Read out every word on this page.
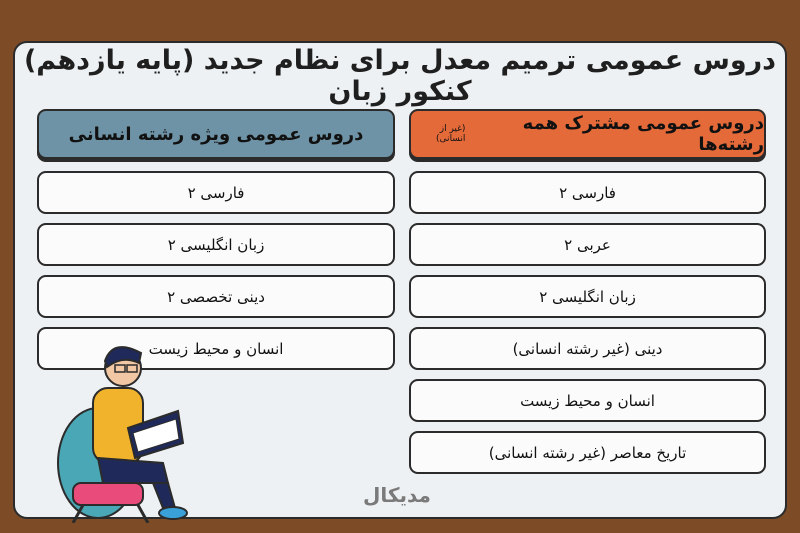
دروس عمومی ترمیم معدل برای نظام جدید (پایه یازدهم) کنکور زبان
دروس عمومی ویژه رشته انسانی	دروس عمومی مشترک همه رشته‌ها
(غیر از انسانی)
فارسی ۲
زبان انگلیسی ۲
دینی تخصصی ۲
انسان و محیط زیست
فارسی ۲
عربی ۲
زبان انگلیسی ۲
دینی (غیر رشته انسانی)
انسان و محیط زیست
تاریخ معاصر (غیر رشته انسانی)
مدیکال
